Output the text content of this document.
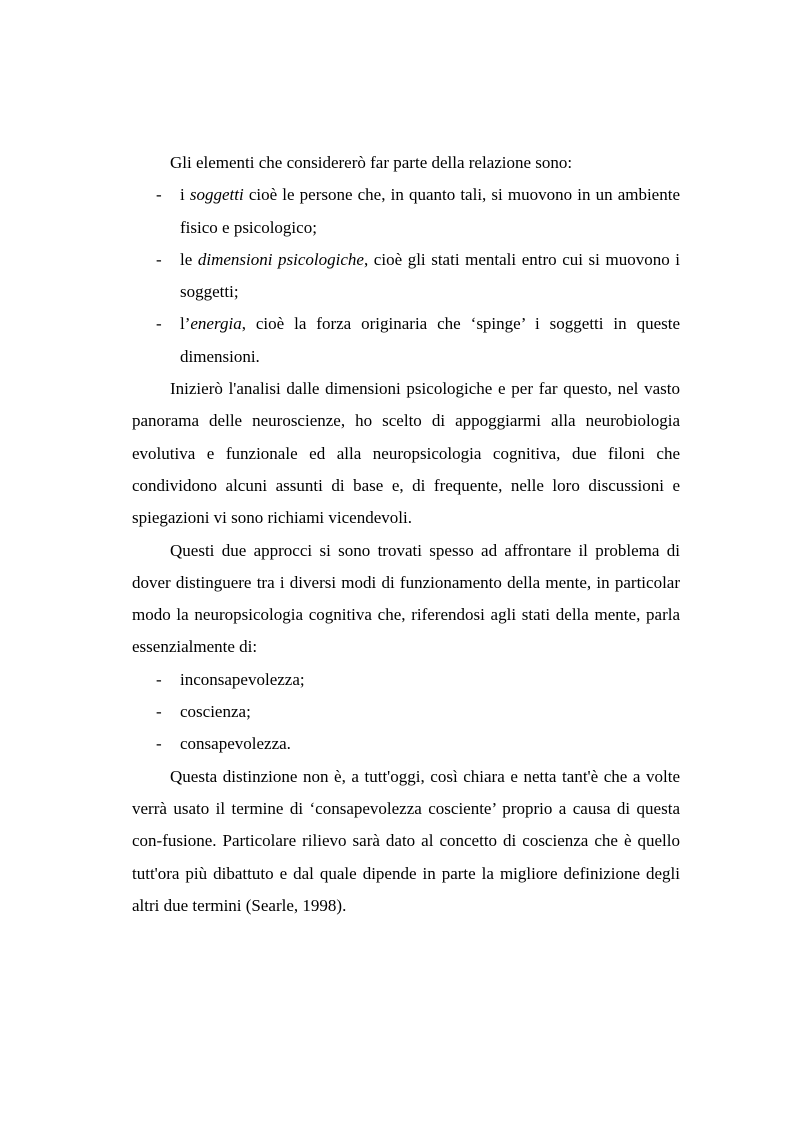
Gli elementi che considererò far parte della relazione sono:

- i soggetti cioè le persone che, in quanto tali, si muovono in un ambiente fisico e psicologico;
- le dimensioni psicologiche, cioè gli stati mentali entro cui si muovono i soggetti;
- l’energia, cioè la forza originaria che ‘spinge’ i soggetti in queste dimensioni.

Inizierò l'analisi dalle dimensioni psicologiche e per far questo, nel vasto panorama delle neuroscienze, ho scelto di appoggiarmi alla neurobiologia evolutiva e funzionale ed alla neuropsicologia cognitiva, due filoni che condividono alcuni assunti di base e, di frequente, nelle loro discussioni e spiegazioni vi sono richiami vicendevoli.

Questi due approcci si sono trovati spesso ad affrontare il problema di dover distinguere tra i diversi modi di funzionamento della mente, in particolar modo la neuropsicologia cognitiva che, riferendosi agli stati della mente, parla essenzialmente di:

- inconsapevolezza;
- coscienza;
- consapevolezza.

Questa distinzione non è, a tutt'oggi, così chiara e netta tant'è che a volte verrà usato il termine di ‘consapevolezza cosciente’ proprio a causa di questa con-fusione. Particolare rilievo sarà dato al concetto di coscienza che è quello tutt'ora più dibattuto e dal quale dipende in parte la migliore definizione degli altri due termini (Searle, 1998).
